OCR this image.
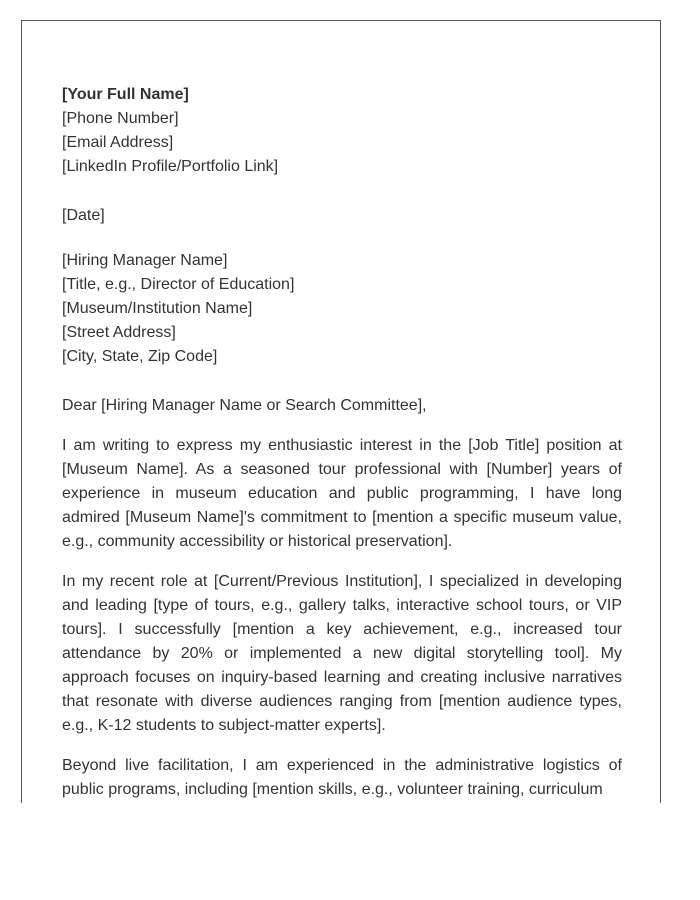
[Your Full Name]
[Phone Number]
[Email Address]
[LinkedIn Profile/Portfolio Link]
[Date]
[Hiring Manager Name]
[Title, e.g., Director of Education]
[Museum/Institution Name]
[Street Address]
[City, State, Zip Code]
Dear [Hiring Manager Name or Search Committee],

I am writing to express my enthusiastic interest in the [Job Title] position at [Museum Name]. As a seasoned tour professional with [Number] years of experience in museum education and public programming, I have long admired [Museum Name]'s commitment to [mention a specific museum value, e.g., community accessibility or historical preservation].

In my recent role at [Current/Previous Institution], I specialized in developing and leading [type of tours, e.g., gallery talks, interactive school tours, or VIP tours]. I successfully [mention a key achievement, e.g., increased tour attendance by 20% or implemented a new digital storytelling tool]. My approach focuses on inquiry-based learning and creating inclusive narratives that resonate with diverse audiences ranging from [mention audience types, e.g., K-12 students to subject-matter experts].

Beyond live facilitation, I am experienced in the administrative logistics of public programs, including [mention skills, e.g., volunteer training, curriculum
